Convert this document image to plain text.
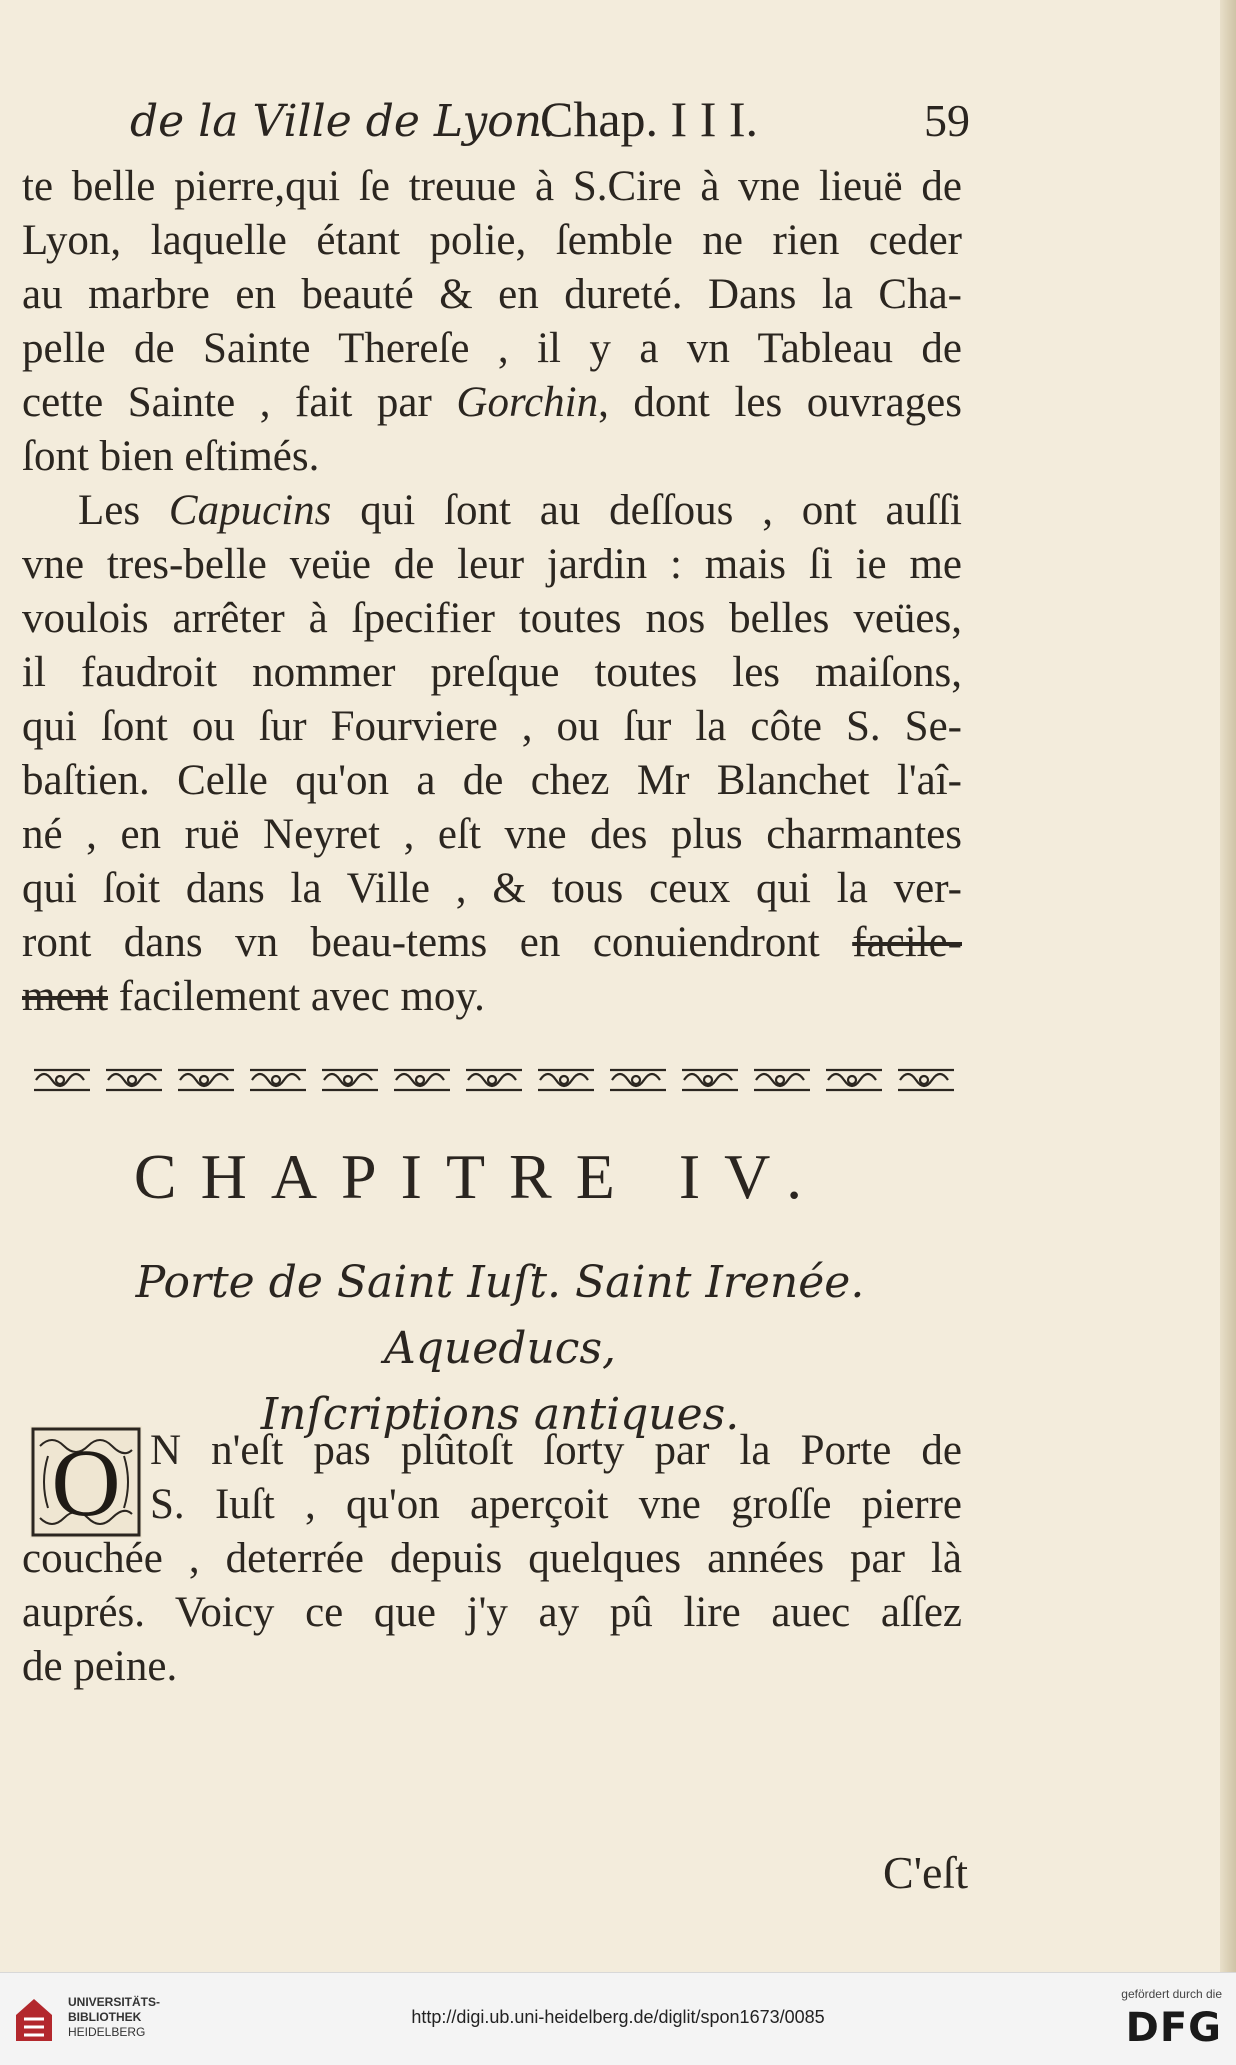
de la Ville de Lyon.
Chap. I I I.	59
te belle pierre,qui ſe treuue à S.Cire à vne lieuë de
Lyon, laquelle étant polie, ſemble ne rien ceder
au marbre en beauté & en dureté. Dans la Cha-
pelle de Sainte Thereſe , il y a vn Tableau de
cette Sainte , fait par Gorchin, dont les ouvrages
ſont bien eſtimés.
Les Capucins qui ſont au deſſous , ont auſſi
vne tres-belle veüe de leur jardin : mais ſi ie me
voulois arrêter à ſpecifier toutes nos belles veües,
il faudroit nommer preſque toutes les maiſons,
qui ſont ou ſur Fourviere , ou ſur la côte S. Se-
baſtien. Celle qu'on a de chez Mr Blanchet l'aî-
né , en ruë Neyret , eſt vne des plus charmantes
qui ſoit dans la Ville , & tous ceux qui la ver-
ront dans vn beau-tems en conuiendront facile-
ment facilement avec moy.
CHAPITRE IV.
Porte de Saint Iuſt. Saint Irenée. Aqueducs,
Inſcriptions antiques.
O N n'eſt pas plûtoſt ſorty par la Porte de
S. Iuſt , qu'on aperçoit vne groſſe pierre
couchée , deterrée depuis quelques années par là
auprés. Voicy ce que j'y ay pû lire auec aſſez
de peine.
C'eſt
UNIVERSITÄTS-
BIBLIOTHEK
HEIDELBERG
http://digi.ub.uni-heidelberg.de/diglit/spon1673/0085
gefördert durch die
DFG
